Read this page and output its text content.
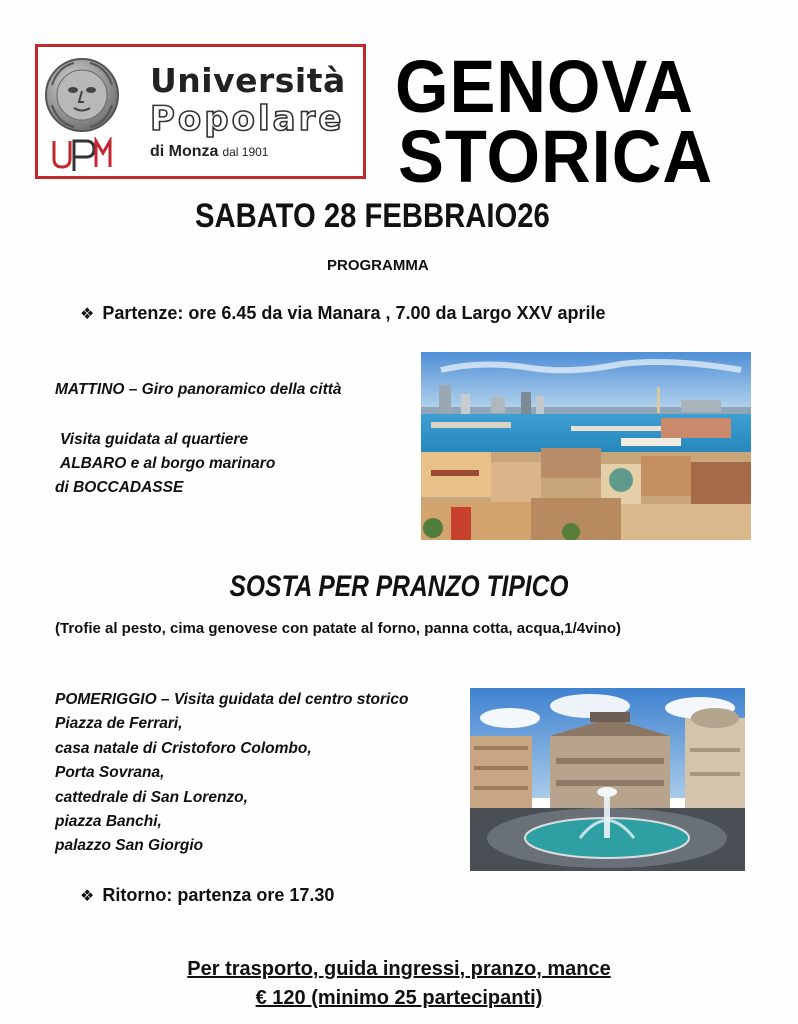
Università
Popolare
di Monza dal 1901
GENOVA
STORICA
SABATO 28 FEBBRAIO26
PROGRAMMA
❖ Partenze: ore 6.45 da via Manara , 7.00 da Largo XXV aprile
MATTINO – Giro panoramico della città
Visita guidata al quartiere
ALBARO e al borgo marinaro
di BOCCADASSE
SOSTA PER PRANZO TIPICO
(Trofie al pesto, cima genovese con patate al forno, panna cotta, acqua,1/4vino)
POMERIGGIO – Visita guidata del centro storico
Piazza de Ferrari,
casa natale di Cristoforo Colombo,
Porta Sovrana,
cattedrale di San Lorenzo,
piazza Banchi,
palazzo San Giorgio
❖ Ritorno: partenza ore 17.30
Per trasporto, guida ingressi, pranzo, mance
€ 120 (minimo 25 partecipanti)
